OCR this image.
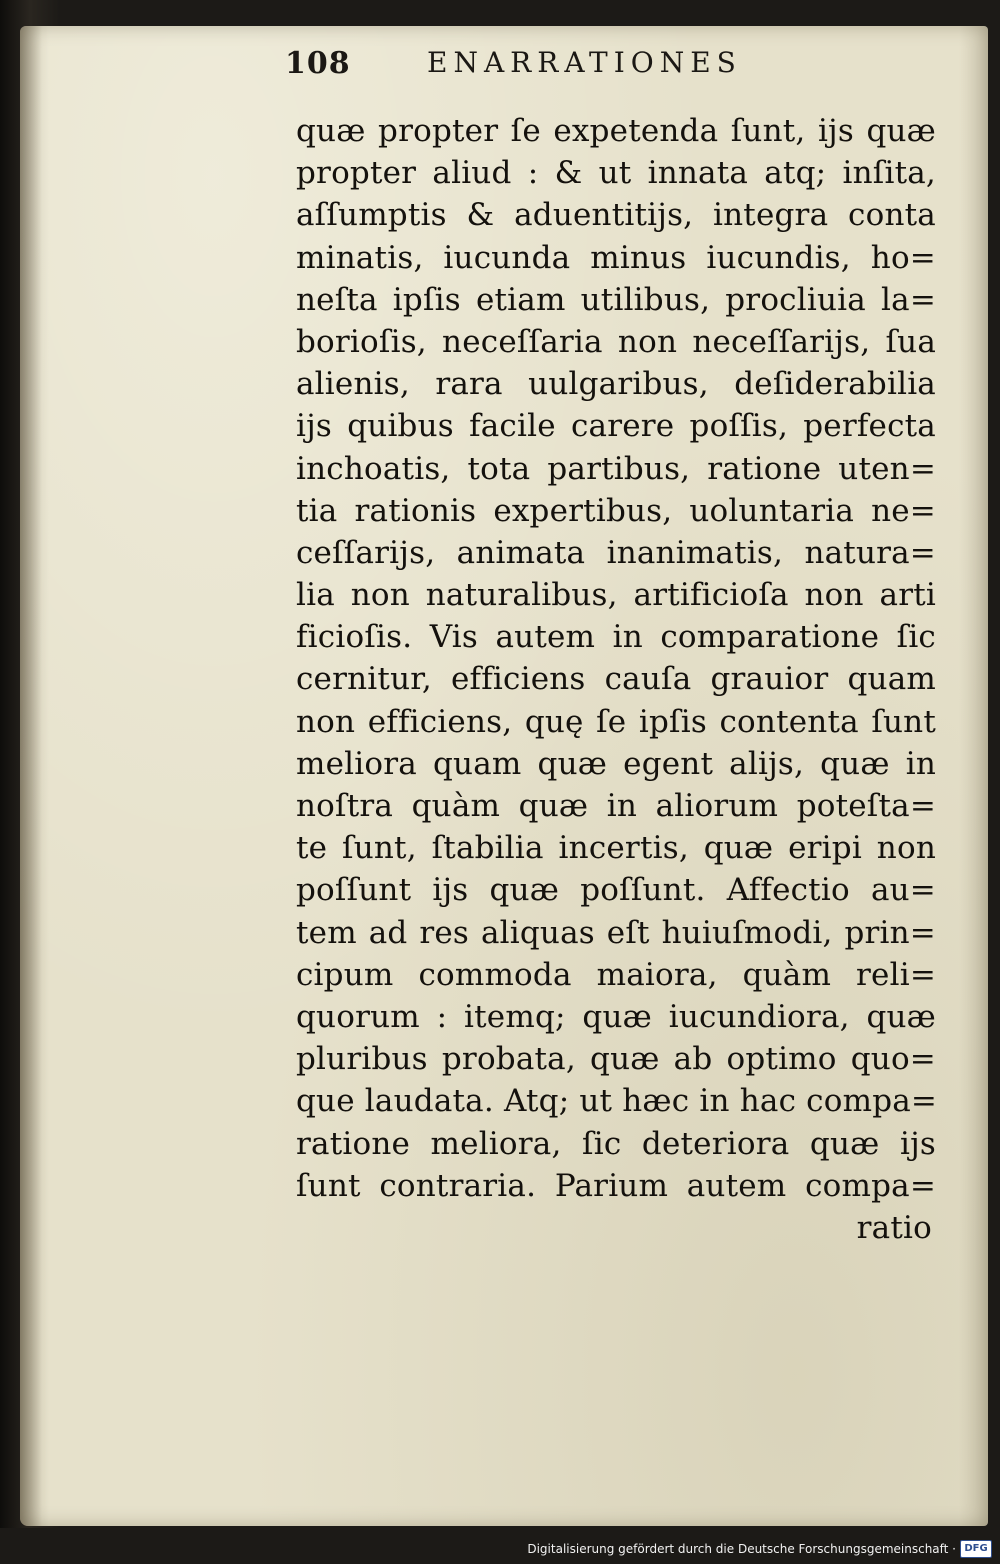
108	ENARRATIONES
quæ propter ſe expetenda ſunt, ijs quæ
propter aliud : & ut innata atq; inſita,
aſſumptis & aduentitijs, integra conta
minatis, iucunda minus iucundis, ho=
neſta ipſis etiam utilibus, procliuia la=
borioſis, neceſſaria non neceſſarijs, ſua
alienis, rara uulgaribus, deſiderabilia
ijs quibus facile carere poſſis, perfecta
inchoatis, tota partibus, ratione uten=
tia rationis expertibus, uoluntaria ne=
ceſſarijs, animata inanimatis, natura=
lia non naturalibus, artificioſa non arti
ficioſis. Vis autem in comparatione ſic
cernitur, efficiens cauſa grauior quam
non efficiens, quę ſe ipſis contenta ſunt
meliora quam quæ egent alijs, quæ in
noſtra quàm quæ in aliorum poteſta=
te ſunt, ſtabilia incertis, quæ eripi non
poſſunt ijs quæ poſſunt. Affectio au=
tem ad res aliquas eſt huiuſmodi, prin=
cipum commoda maiora, quàm reli=
quorum : itemq; quæ iucundiora, quæ
pluribus probata, quæ ab optimo quo=
que laudata. Atq; ut hæc in hac compa=
ratione meliora, ſic deteriora quæ ijs
ſunt contraria. Parium autem compa=
ratio
Digitalisierung gefördert durch die Deutsche Forschungsgemeinschaft · DFG
